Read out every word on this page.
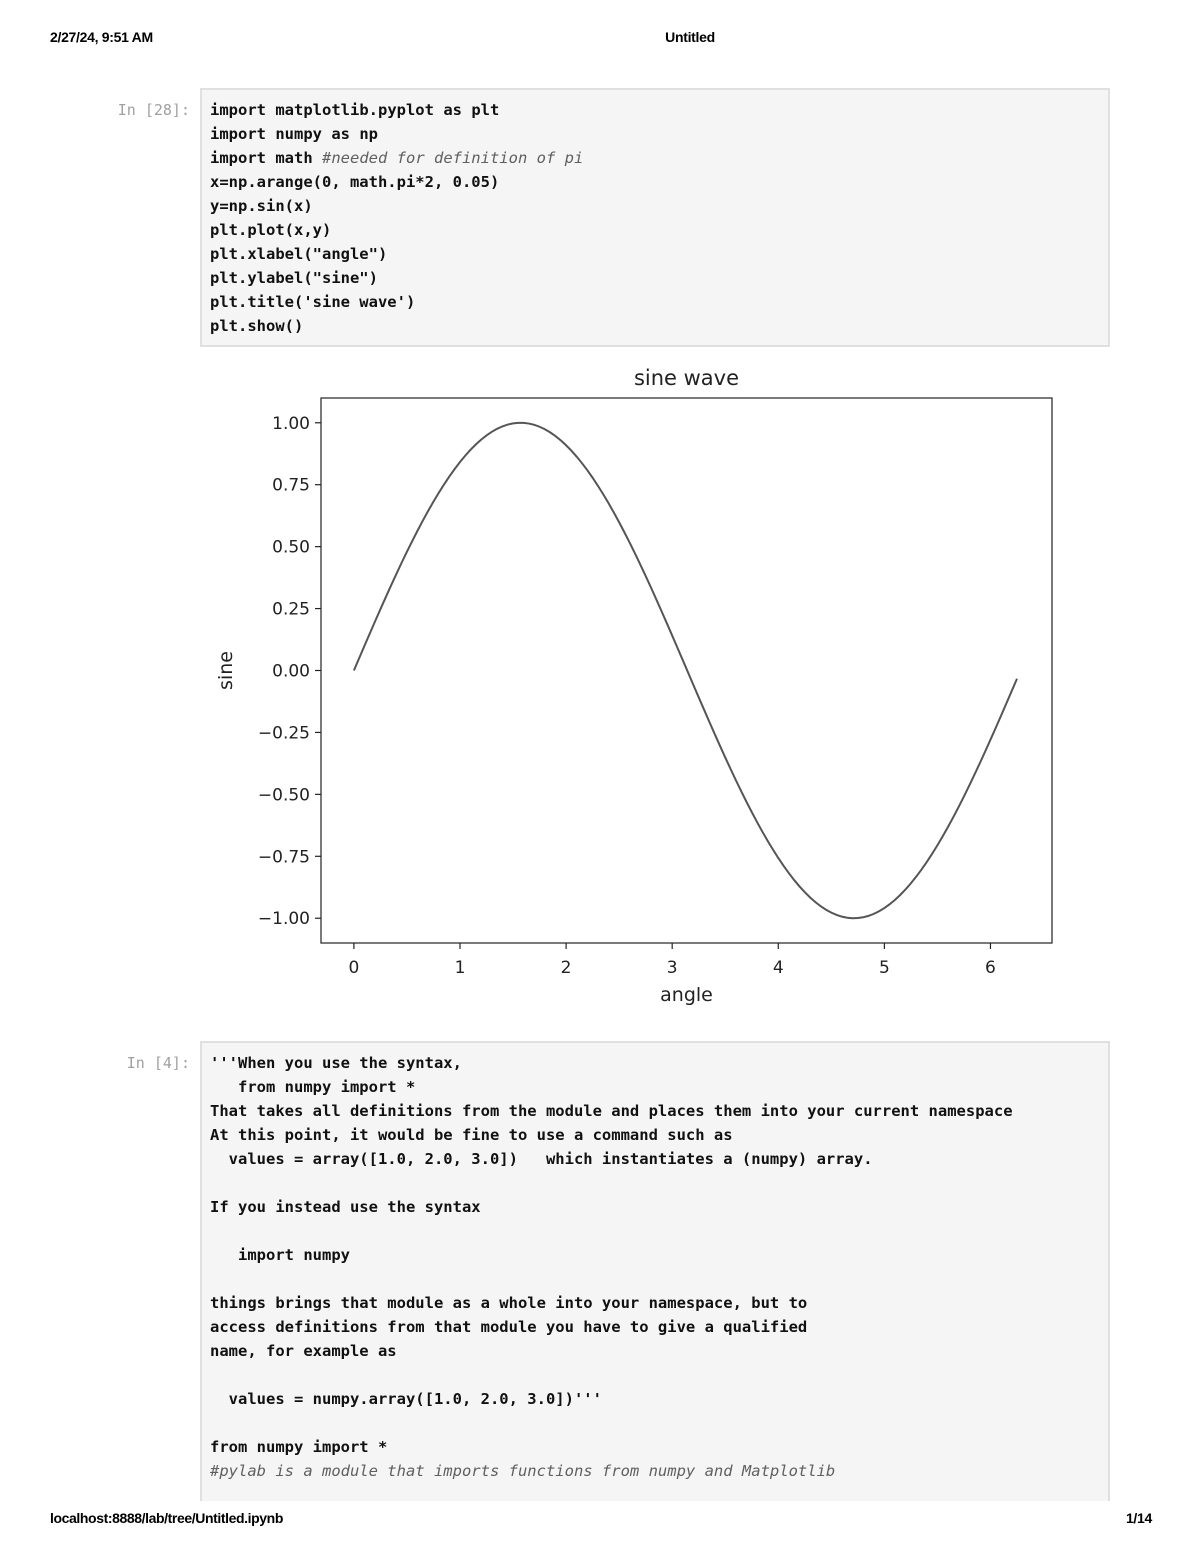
2/27/24, 9:51 AM	Untitled
localhost:8888/lab/tree/Untitled.ipynb	1/14
In [28]: import matplotlib.pyplot as plt
import numpy as np
import math #needed for definition of pi
x=np.arange(0, math.pi*2, 0.05)
y=np.sin(x)
plt.plot(x,y)
plt.xlabel("angle")
plt.ylabel("sine")
plt.title('sine wave')
plt.show()
sine wave
1.00
0.75
0.50
0.25
0.00
−0.25
−0.50
−0.75
−1.00
0	1	2	3	4	5	6
angle
sine
In [4]: '''When you use the syntax,
from numpy import *
That takes all definitions from the module and places them into your current namespace
At this point, it would be fine to use a command such as
values = array([1.0, 2.0, 3.0])   which instantiates a (numpy) array.
If you instead use the syntax
import numpy
things brings that module as a whole into your namespace, but to
access definitions from that module you have to give a qualified
name, for example as
values = numpy.array([1.0, 2.0, 3.0])'''
from numpy import *
#pylab is a module that imports functions from numpy and Matplotlib
